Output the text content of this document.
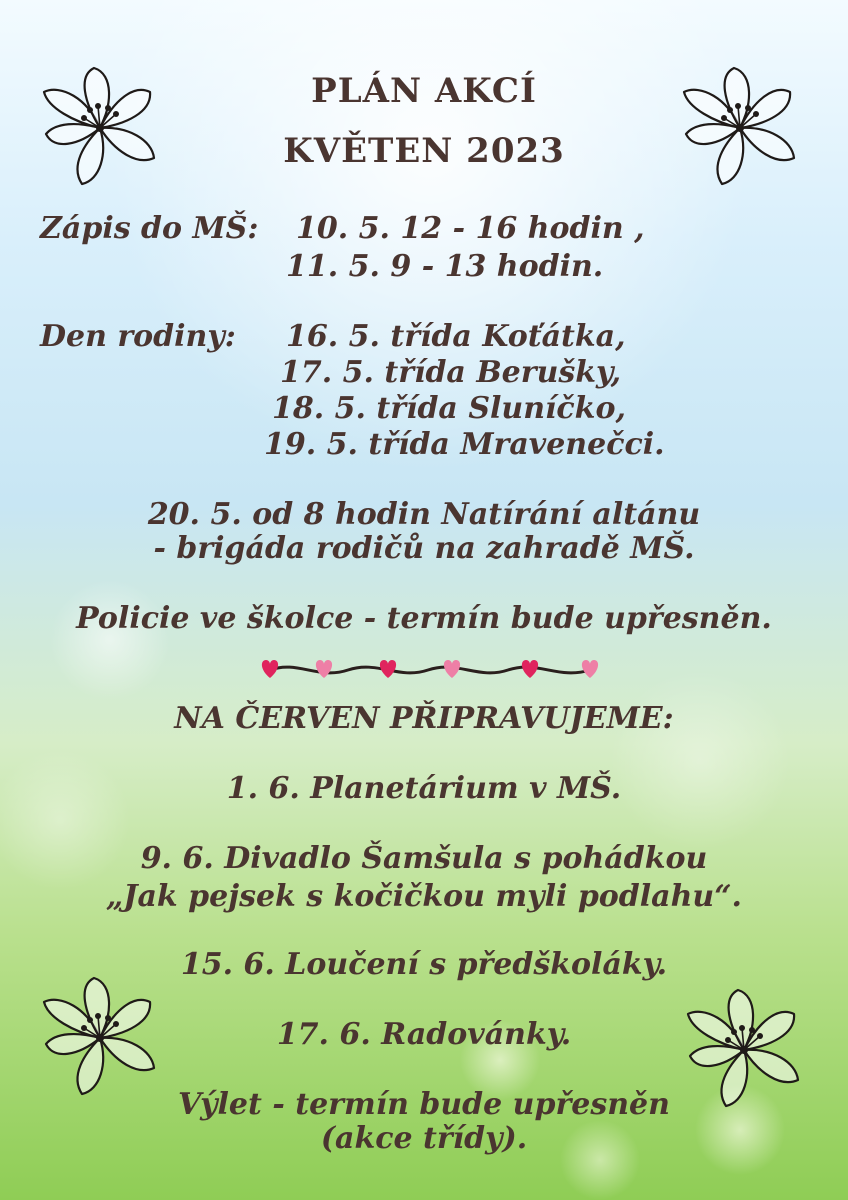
PLÁN AKCÍ
KVĚTEN 2023
Zápis do MŠ: 10. 5. 12 - 16 hodin ,
11. 5. 9 - 13 hodin.
Den rodiny: 16. 5. třída Koťátka,
17. 5. třída Berušky,
18. 5. třída Sluníčko,
19. 5. třída Mravenečci.
20. 5. od 8 hodin Natírání altánu
- brigáda rodičů na zahradě MŠ.
Policie ve školce - termín bude upřesněn.
NA ČERVEN PŘIPRAVUJEME:
1. 6. Planetárium v MŠ.
9. 6. Divadlo Šamšula s pohádkou
„Jak pejsek s kočičkou myli podlahu“.
15. 6. Loučení s předškoláky.
17. 6. Radovánky.
Výlet - termín bude upřesněn
(akce třídy).
